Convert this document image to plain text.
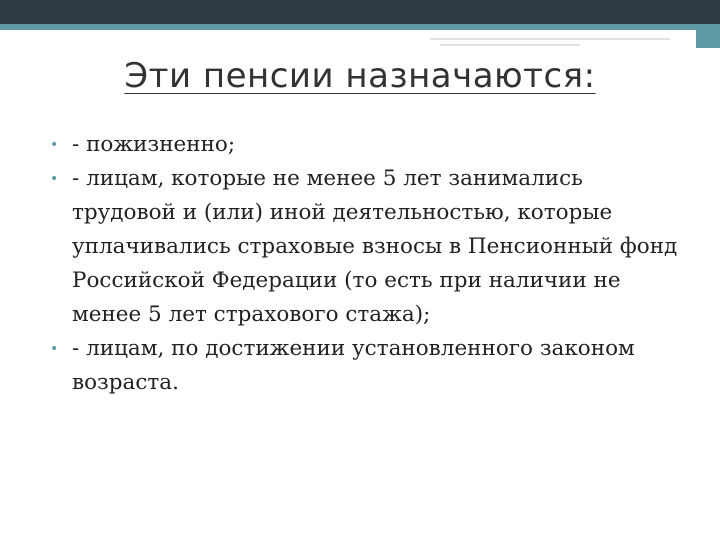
Эти пенсии назначаются:
• - пожизненно;
• - лицам, которые не менее 5 лет занимались трудовой и (или) иной деятельностью, которые уплачивались страховые взносы в Пенсионный фонд Российской Федерации (то есть при наличии не менее 5 лет страхового стажа);
• - лицам, по достижении установленного законом возраста.
